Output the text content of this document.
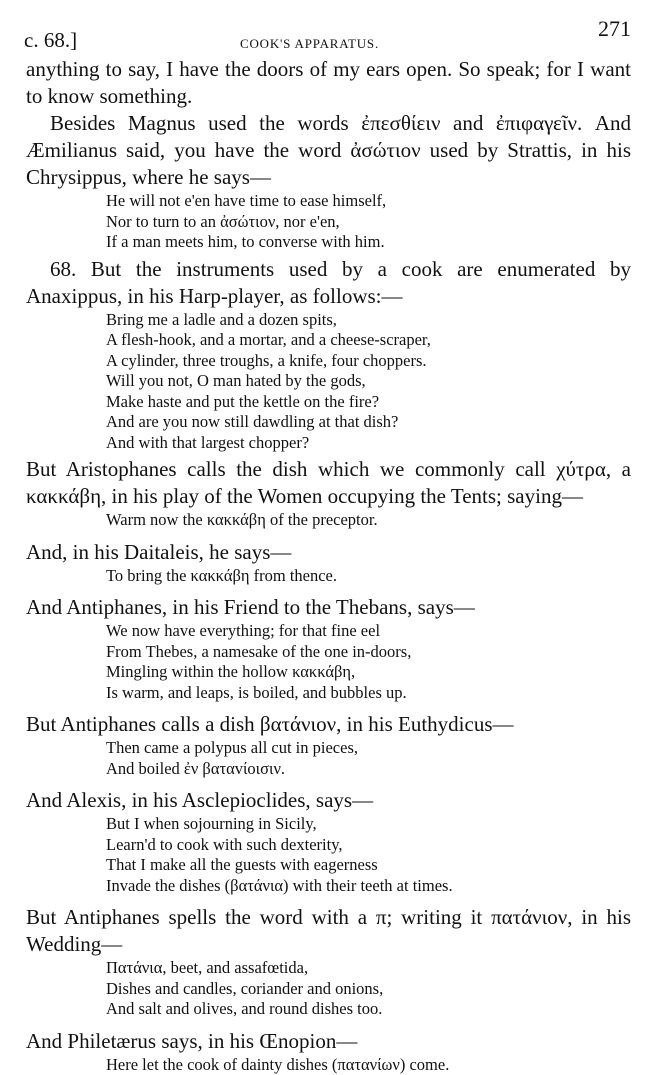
c. 68.]	COOK'S APPARATUS.
271

anything to say, I have the doors of my ears open. So speak; for I want to know something.

Besides Magnus used the words ἐπεσθίειν and ἐπιφαγεῖν. And Æmilianus said, you have the word ἀσώτιον used by Strattis, in his Chrysippus, where he says—

He will not e'en have time to ease himself,
Nor to turn to an ἀσώτιον, nor e'en,
If a man meets him, to converse with him.

68. But the instruments used by a cook are enumerated by Anaxippus, in his Harp-player, as follows:—

Bring me a ladle and a dozen spits,
A flesh-hook, and a mortar, and a cheese-scraper,
A cylinder, three troughs, a knife, four choppers.
Will you not, O man hated by the gods,
Make haste and put the kettle on the fire?
And are you now still dawdling at that dish?
And with that largest chopper?

But Aristophanes calls the dish which we commonly call χύτρα, a κακκάβη, in his play of the Women occupying the Tents; saying—

Warm now the κακκάβη of the preceptor.

And, in his Daitaleis, he says—

To bring the κακκάβη from thence.

And Antiphanes, in his Friend to the Thebans, says—

We now have everything; for that fine eel
From Thebes, a namesake of the one in-doors,
Mingling within the hollow κακκάβη,
Is warm, and leaps, is boiled, and bubbles up.

But Antiphanes calls a dish βατάνιον, in his Euthydicus—

Then came a polypus all cut in pieces,
And boiled ἐν βαταvίοισιν.

And Alexis, in his Asclepioclides, says—

But I when sojourning in Sicily,
Learn'd to cook with such dexterity,
That I make all the guests with eagerness
Invade the dishes (βατάνια) with their teeth at times.

But Antiphanes spells the word with a π; writing it πατάνιον, in his Wedding—

Πατάνια, beet, and assafœtida,
Dishes and candles, coriander and onions,
And salt and olives, and round dishes too.

And Philetærus says, in his Œnopion—

Here let the cook of dainty dishes (πατανίων) come.
